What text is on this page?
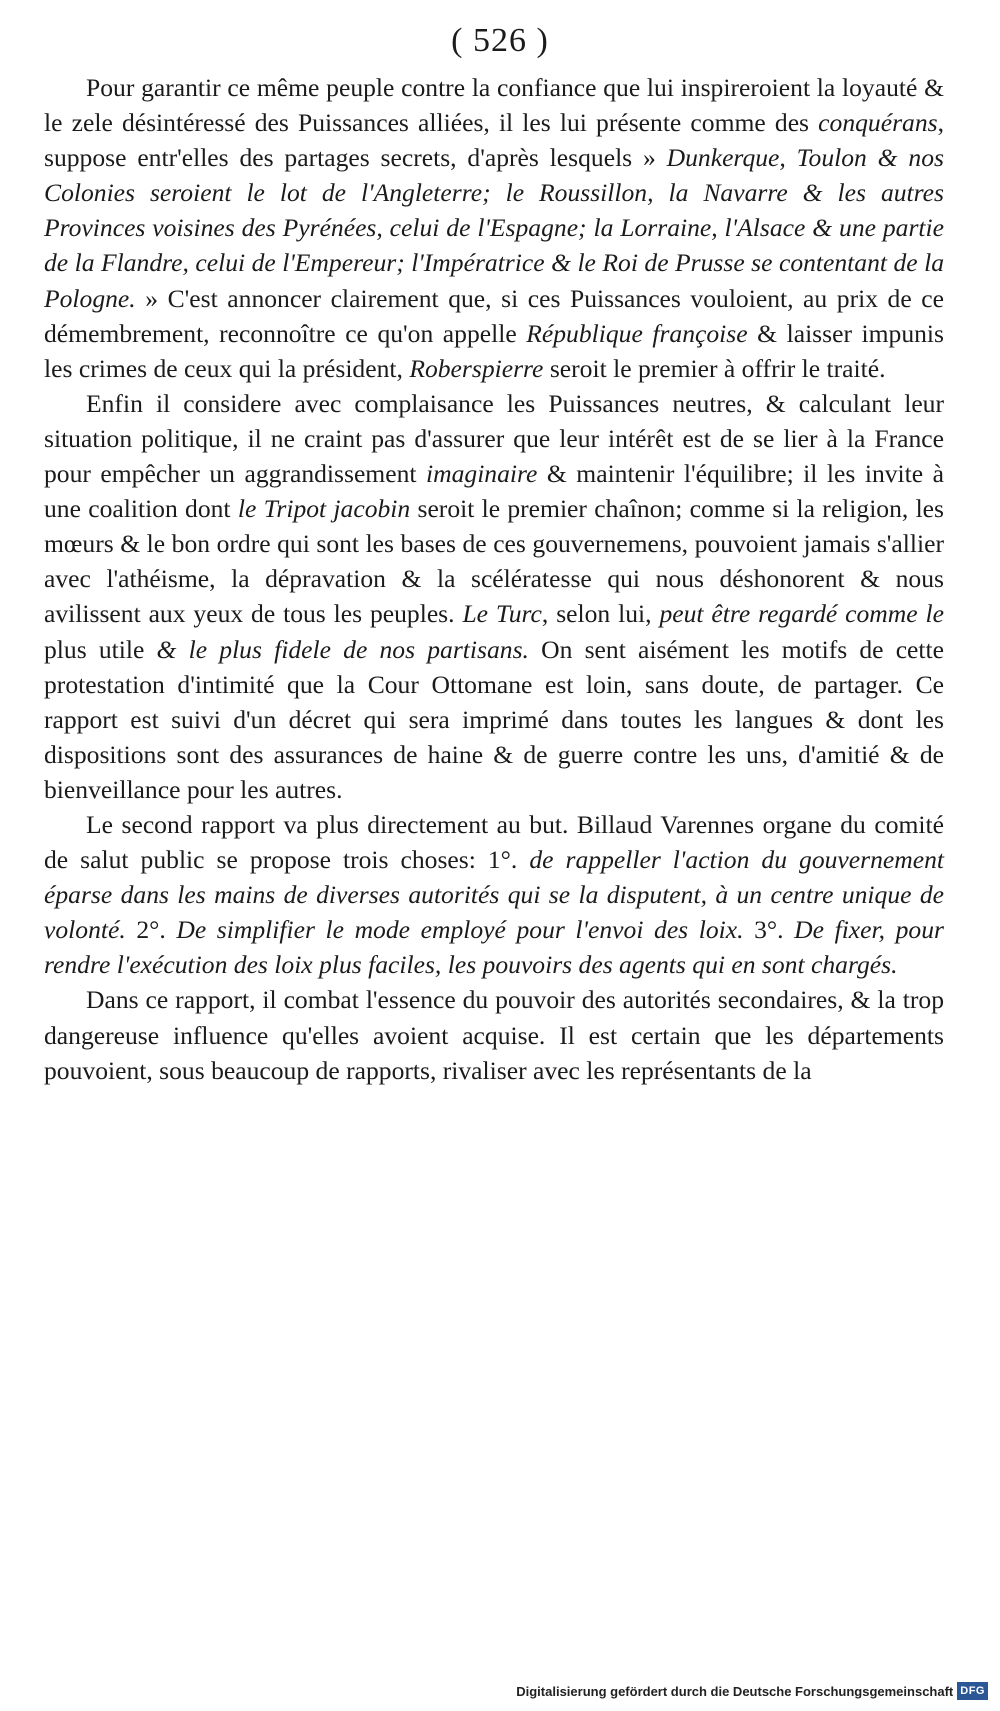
( 526 )

Pour garantir ce même peuple contre la confiance que lui inspireroient la loyauté & le zele désintéressé des Puissances alliées, il les lui présente comme des conquérans, suppose entr'elles des partages secrets, d'après lesquels » Dunkerque, Toulon & nos Colonies seroient le lot de l'Angleterre; le Roussillon, la Navarre & les autres Provinces voisines des Pyrénées, celui de l'Espagne; la Lorraine, l'Alsace & une partie de la Flandre, celui de l'Empereur; l'Impératrice & le Roi de Prusse se contentant de la Pologne. » C'est annoncer clairement que, si ces Puissances vouloient, au prix de ce démembrement, reconnoître ce qu'on appelle République françoise & laisser impunis les crimes de ceux qui la président, Roberspierre seroit le premier à offrir le traité.

Enfin il considere avec complaisance les Puissances neutres, & calculant leur situation politique, il ne craint pas d'assurer que leur intérêt est de se lier à la France pour empêcher un aggrandissement imaginaire & maintenir l'équilibre; il les invite à une coalition dont le Tripot jacobin seroit le premier chaînon; comme si la religion, les mœurs & le bon ordre qui sont les bases de ces gouvernemens, pouvoient jamais s'allier avec l'athéisme, la dépravation & la scélératesse qui nous déshonorent & nous avilissent aux yeux de tous les peuples. Le Turc, selon lui, peut être regardé comme le plus utile & le plus fidele de nos partisans. On sent aisément les motifs de cette protestation d'intimité que la Cour Ottomane est loin, sans doute, de partager. Ce rapport est suivi d'un décret qui sera imprimé dans toutes les langues & dont les dispositions sont des assurances de haine & de guerre contre les uns, d'amitié & de bienveillance pour les autres.

Le second rapport va plus directement au but. Billaud Varennes organe du comité de salut public se propose trois choses: 1°. de rappeller l'action du gouvernement éparse dans les mains de diverses autorités qui se la disputent, à un centre unique de volonté. 2°. De simplifier le mode employé pour l'envoi des loix. 3°. De fixer, pour rendre l'exécution des loix plus faciles, les pouvoirs des agents qui en sont chargés.

Dans ce rapport, il combat l'essence du pouvoir des autorités secondaires, & la trop dangereuse influence qu'elles avoient acquise. Il est certain que les départements pouvoient, sous beaucoup de rapports, rivaliser avec les représentants de la

Digitalisierung gefördert durch die Deutsche Forschungsgemeinschaft DFG
